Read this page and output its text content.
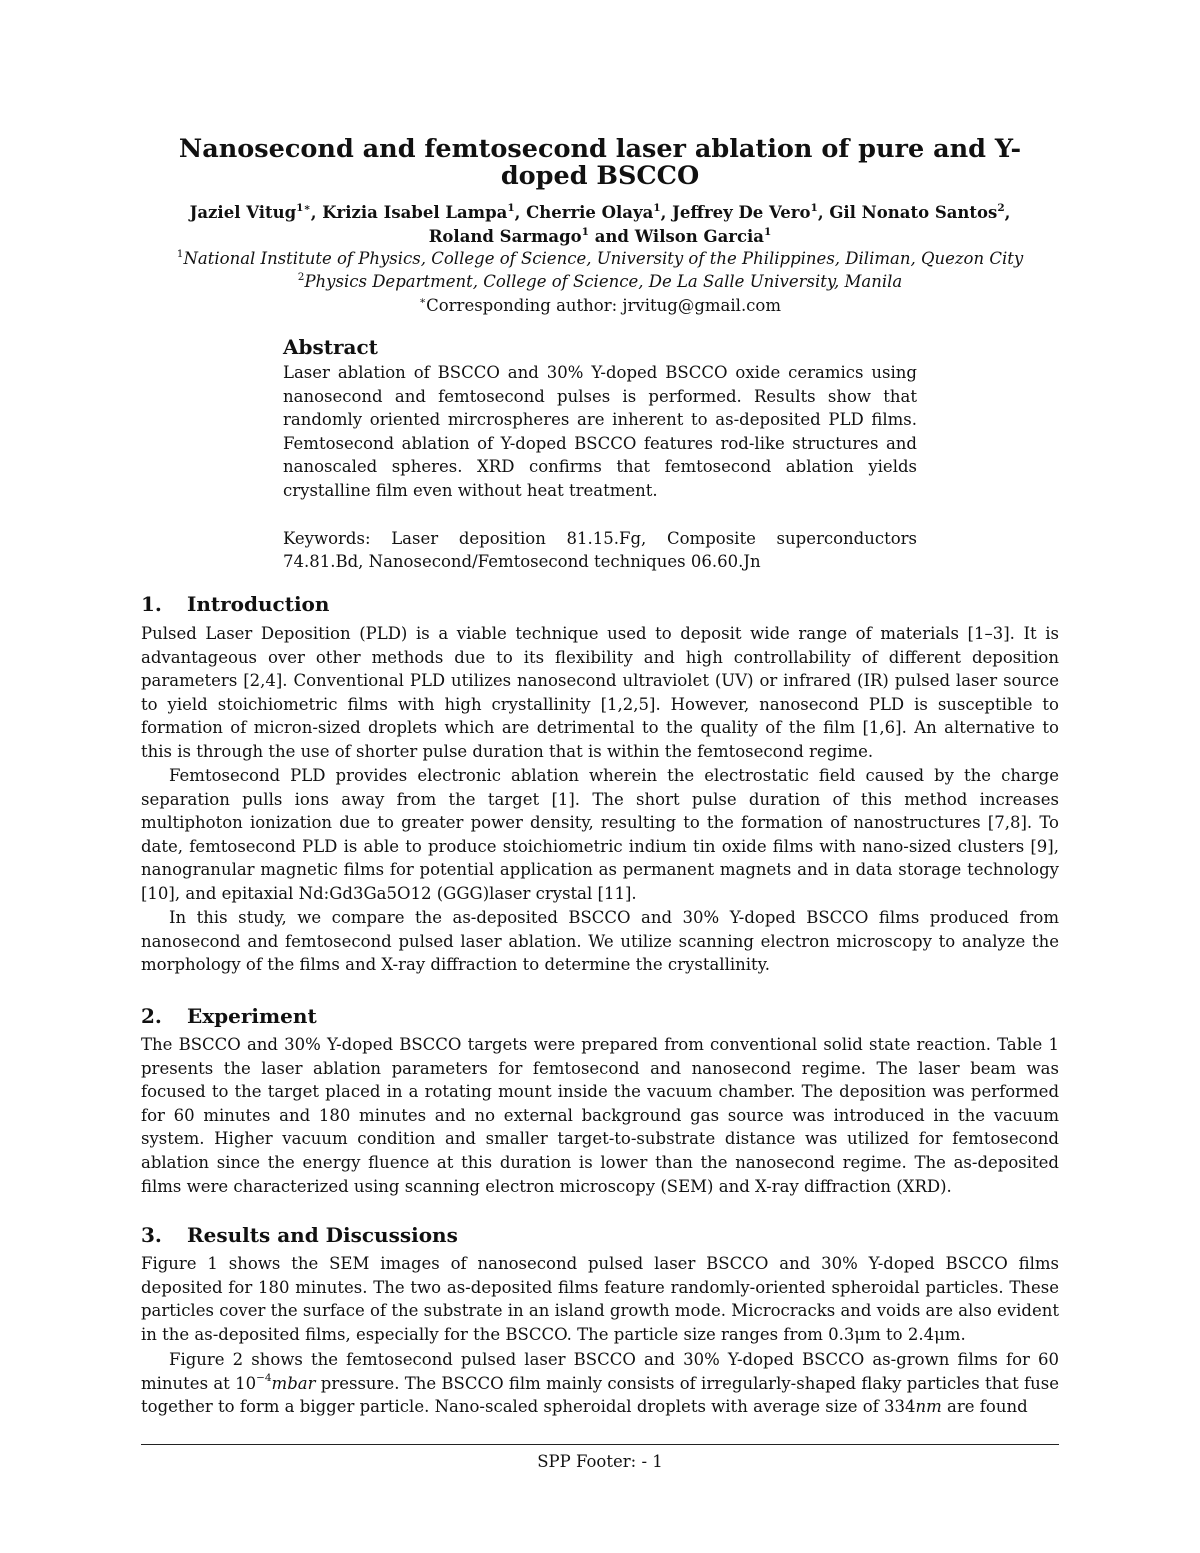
Nanosecond and femtosecond laser ablation of pure and Y-doped BSCCO
Jaziel Vitug$^{1∗}$, Krizia Isabel Lampa$^1$, Cherrie Olaya$^1$, Jeffrey De Vero$^1$, Gil Nonato Santos$^2$,
Roland Sarmago$^1$ and Wilson Garcia$^1$
$^1$National Institute of Physics, College of Science, University of the Philippines, Diliman, Quezon City
$^2$Physics Department, College of Science, De La Salle University, Manila
∗Corresponding author: jrvitug@gmail.com
Abstract

Laser ablation of BSCCO and 30% Y-doped BSCCO oxide ceramics using nanosecond and femtosecond pulses is performed. Results show that randomly oriented mircrospheres are inherent to as-deposited PLD films. Femtosecond ablation of Y-doped BSCCO features rod-like structures and nanoscaled spheres. XRD confirms that femtosecond ablation yields crystalline film even without heat treatment.

Keywords: Laser deposition 81.15.Fg, Composite superconductors 74.81.Bd, Nanosecond/Femtosecond techniques 06.60.Jn

1. Introduction

Pulsed Laser Deposition (PLD) is a viable technique used to deposit wide range of materials [1–3]. It is advantageous over other methods due to its flexibility and high controllability of different deposition parameters [2,4]. Conventional PLD utilizes nanosecond ultraviolet (UV) or infrared (IR) pulsed laser source to yield stoichiometric films with high crystallinity [1,2,5]. However, nanosecond PLD is susceptible to formation of micron-sized droplets which are detrimental to the quality of the film [1,6]. An alternative to this is through the use of shorter pulse duration that is within the femtosecond regime.

Femtosecond PLD provides electronic ablation wherein the electrostatic field caused by the charge separation pulls ions away from the target [1]. The short pulse duration of this method increases multiphoton ionization due to greater power density, resulting to the formation of nanostructures [7,8]. To date, femtosecond PLD is able to produce stoichiometric indium tin oxide films with nano-sized clusters [9], nanogranular magnetic films for potential application as permanent magnets and in data storage technology [10], and epitaxial Nd:Gd3Ga5O12 (GGG)laser crystal [11].

In this study, we compare the as-deposited BSCCO and 30% Y-doped BSCCO films produced from nanosecond and femtosecond pulsed laser ablation. We utilize scanning electron microscopy to analyze the morphology of the films and X-ray diffraction to determine the crystallinity.

2. Experiment

The BSCCO and 30% Y-doped BSCCO targets were prepared from conventional solid state reaction. Table 1 presents the laser ablation parameters for femtosecond and nanosecond regime. The laser beam was focused to the target placed in a rotating mount inside the vacuum chamber. The deposition was performed for 60 minutes and 180 minutes and no external background gas source was introduced in the vacuum system. Higher vacuum condition and smaller target-to-substrate distance was utilized for femtosecond ablation since the energy fluence at this duration is lower than the nanosecond regime. The as-deposited films were characterized using scanning electron microscopy (SEM) and X-ray diffraction (XRD).

3. Results and Discussions

Figure 1 shows the SEM images of nanosecond pulsed laser BSCCO and 30% Y-doped BSCCO films deposited for 180 minutes. The two as-deposited films feature randomly-oriented spheroidal particles. These particles cover the surface of the substrate in an island growth mode. Microcracks and voids are also evident in the as-deposited films, especially for the BSCCO. The particle size ranges from 0.3μm to 2.4μm.

Figure 2 shows the femtosecond pulsed laser BSCCO and 30% Y-doped BSCCO as-grown films for 60 minutes at $10^{-4}mbar$ pressure. The BSCCO film mainly consists of irregularly-shaped flaky particles that fuse together to form a bigger particle. Nano-scaled spheroidal droplets with average size of 334nm are found

SPP Footer: - 1
